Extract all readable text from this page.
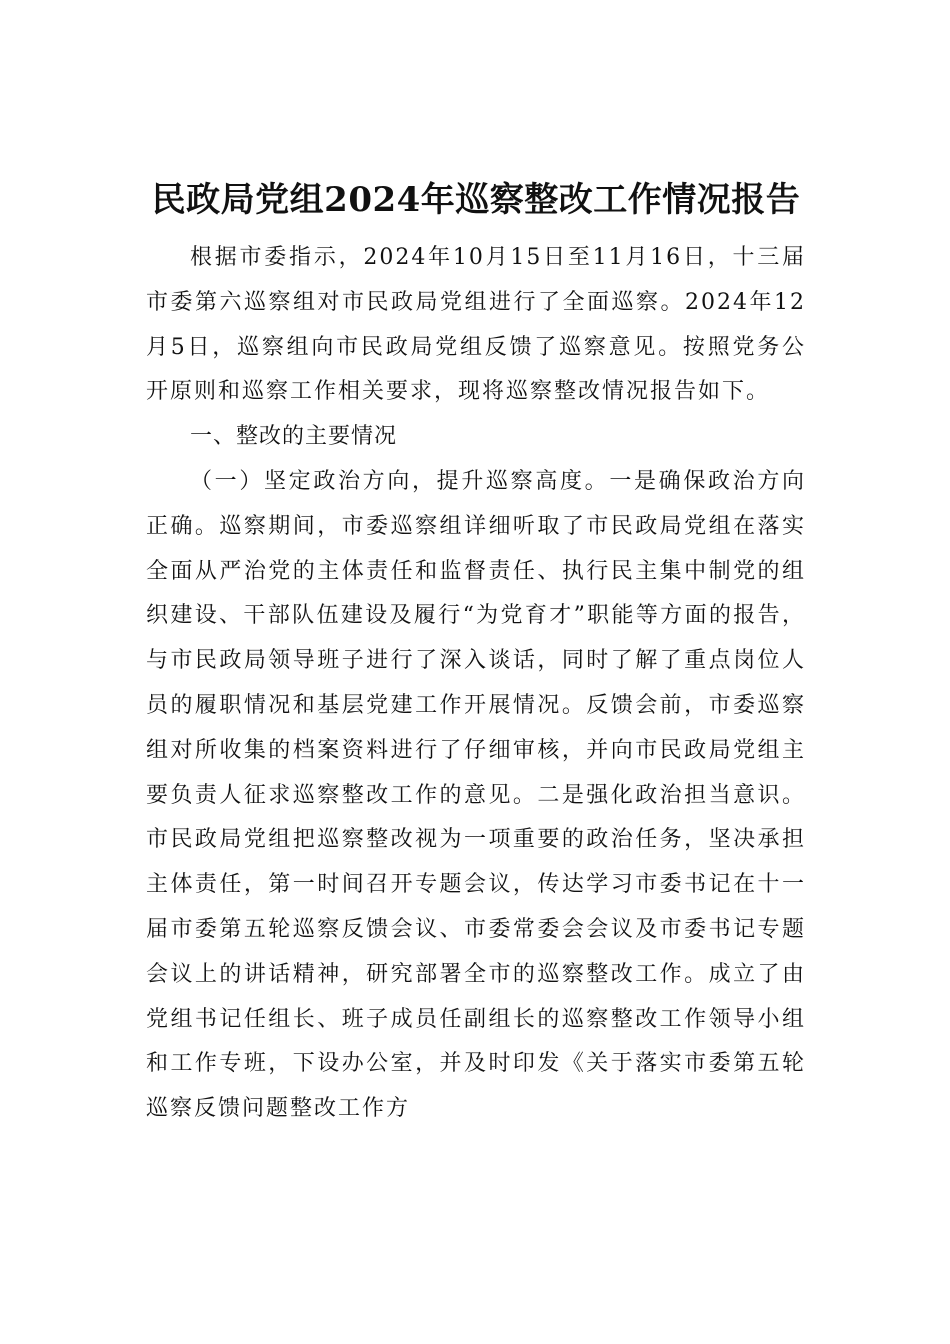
民政局党组2024年巡察整改工作情况报告

根据市委指示，2024年10月15日至11月16日，十三届市委第六巡察组对市民政局党组进行了全面巡察。2024年12月5日，巡察组向市民政局党组反馈了巡察意见。按照党务公开原则和巡察工作相关要求，现将巡察整改情况报告如下。

一、整改的主要情况

（一）坚定政治方向，提升巡察高度。一是确保政治方向正确。巡察期间，市委巡察组详细听取了市民政局党组在落实全面从严治党的主体责任和监督责任、执行民主集中制党的组织建设、干部队伍建设及履行“为党育才”职能等方面的报告，与市民政局领导班子进行了深入谈话，同时了解了重点岗位人员的履职情况和基层党建工作开展情况。反馈会前，市委巡察组对所收集的档案资料进行了仔细审核，并向市民政局党组主要负责人征求巡察整改工作的意见。二是强化政治担当意识。市民政局党组把巡察整改视为一项重要的政治任务，坚决承担主体责任，第一时间召开专题会议，传达学习市委书记在十一届市委第五轮巡察反馈会议、市委常委会会议及市委书记专题会议上的讲话精神，研究部署全市的巡察整改工作。成立了由党组书记任组长、班子成员任副组长的巡察整改工作领导小组和工作专班，下设办公室，并及时印发《关于落实市委第五轮巡察反馈问题整改工作方
